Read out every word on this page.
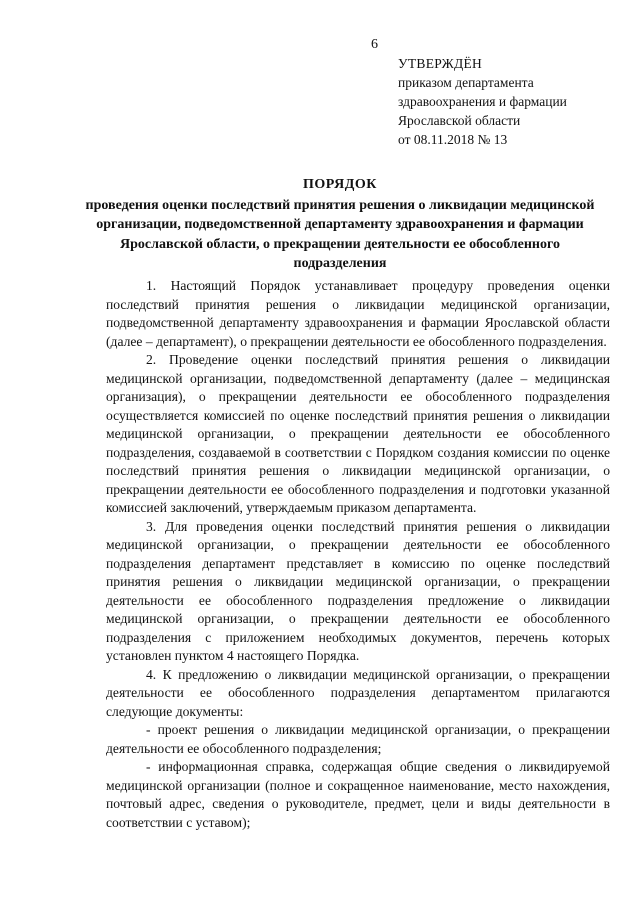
6
УТВЕРЖДЁН
приказом департамента
здравоохранения и фармации
Ярославской области
от 08.11.2018 № 13
ПОРЯДОК
проведения оценки последствий принятия решения о ликвидации медицинской организации, подведомственной департаменту здравоохранения и фармации Ярославской области, о прекращении деятельности ее обособленного подразделения

1. Настоящий Порядок устанавливает процедуру проведения оценки последствий принятия решения о ликвидации медицинской организации, подведомственной департаменту здравоохранения и фармации Ярославской области (далее – департамент), о прекращении деятельности ее обособленного подразделения.

2. Проведение оценки последствий принятия решения о ликвидации медицинской организации, подведомственной департаменту (далее – медицинская организация), о прекращении деятельности ее обособленного подразделения осуществляется комиссией по оценке последствий принятия решения о ликвидации медицинской организации, о прекращении деятельности ее обособленного подразделения, создаваемой в соответствии с Порядком создания комиссии по оценке последствий принятия решения о ликвидации медицинской организации, о прекращении деятельности ее обособленного подразделения и подготовки указанной комиссией заключений, утверждаемым приказом департамента.

3. Для проведения оценки последствий принятия решения о ликвидации медицинской организации, о прекращении деятельности ее обособленного подразделения департамент представляет в комиссию по оценке последствий принятия решения о ликвидации медицинской организации, о прекращении деятельности ее обособленного подразделения предложение о ликвидации медицинской организации, о прекращении деятельности ее обособленного подразделения с приложением необходимых документов, перечень которых установлен пунктом 4 настоящего Порядка.

4. К предложению о ликвидации медицинской организации, о прекращении деятельности ее обособленного подразделения департаментом прилагаются следующие документы:

- проект решения о ликвидации медицинской организации, о прекращении деятельности ее обособленного подразделения;

- информационная справка, содержащая общие сведения о ликвидируемой медицинской организации (полное и сокращенное наименование, место нахождения, почтовый адрес, сведения о руководителе, предмет, цели и виды деятельности в соответствии с уставом);
